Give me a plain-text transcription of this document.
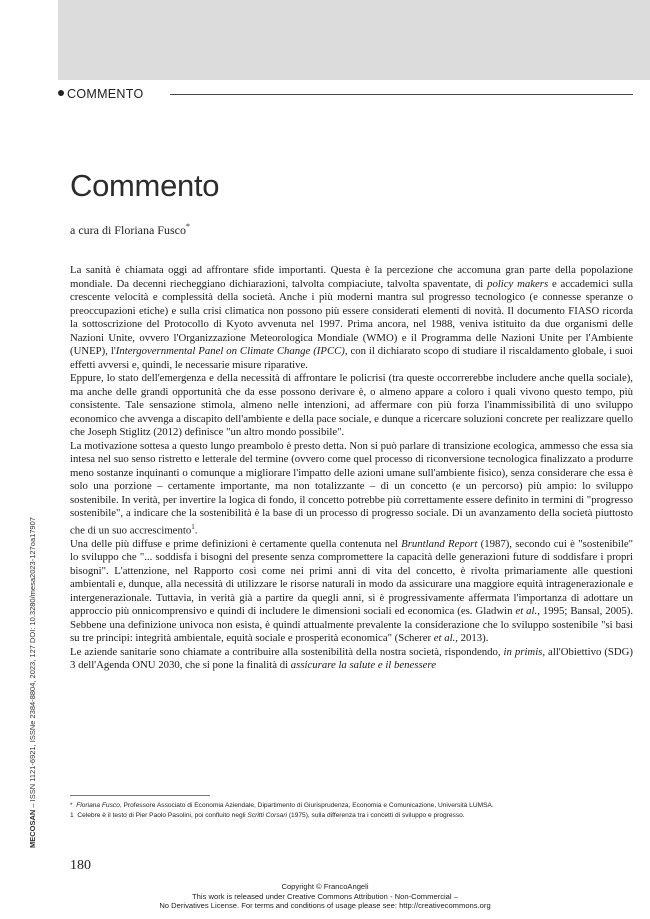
COMMENTO
Commento
a cura di Floriana Fusco*

La sanità è chiamata oggi ad affrontare sfide importanti. Questa è la percezione che accomuna gran parte della popolazione mondiale. Da decenni riecheggiano dichiarazioni, talvolta compiaciute, talvolta spaventate, di policy makers e accademici sulla crescente velocità e complessità della società. Anche i più moderni mantra sul progresso tecnologico (e connesse speranze o preoccupazioni etiche) e sulla crisi climatica non possono più essere considerati elementi di novità. Il documento FIASO ricorda la sottoscrizione del Protocollo di Kyoto avvenuta nel 1997. Prima ancora, nel 1988, veniva istituito da due organismi delle Nazioni Unite, ovvero l'Organizzazione Meteorologica Mondiale (WMO) e il Programma delle Nazioni Unite per l'Ambiente (UNEP), l'Intergovernmental Panel on Climate Change (IPCC), con il dichiarato scopo di studiare il riscaldamento globale, i suoi effetti avversi e, quindi, le necessarie misure riparative.

Eppure, lo stato dell'emergenza e della necessità di affrontare le policrisi (tra queste occorrerebbe includere anche quella sociale), ma anche delle grandi opportunità che da esse possono derivare è, o almeno appare a coloro i quali vivono questo tempo, più consistente. Tale sensazione stimola, almeno nelle intenzioni, ad affermare con più forza l'inammissibilità di uno sviluppo economico che avvenga a discapito dell'ambiente e della pace sociale, e dunque a ricercare soluzioni concrete per realizzare quello che Joseph Stiglitz (2012) definisce "un altro mondo possibile".

La motivazione sottesa a questo lungo preambolo è presto detta. Non si può parlare di transizione ecologica, ammesso che essa sia intesa nel suo senso ristretto e letterale del termine (ovvero come quel processo di riconversione tecnologica finalizzato a produrre meno sostanze inquinanti o comunque a migliorare l'impatto delle azioni umane sull'ambiente fisico), senza considerare che essa è solo una porzione – certamente importante, ma non totalizzante – di un concetto (e un percorso) più ampio: lo sviluppo sostenibile. In verità, per invertire la logica di fondo, il concetto potrebbe più correttamente essere definito in termini di "progresso sostenibile", a indicare che la sostenibilità è la base di un processo di progresso sociale. Di un avanzamento della società piuttosto che di un suo accrescimento$^1$.

Una delle più diffuse e prime definizioni è certamente quella contenuta nel Bruntland Report (1987), secondo cui è "sostenibile" lo sviluppo che "... soddisfa i bisogni del presente senza compromettere la capacità delle generazioni future di soddisfare i propri bisogni". L'attenzione, nel Rapporto così come nei primi anni di vita del concetto, è rivolta primariamente alle questioni ambientali e, dunque, alla necessità di utilizzare le risorse naturali in modo da assicurare una maggiore equità intragenerazionale e intergenerazionale. Tuttavia, in verità già a partire da quegli anni, si è progressivamente affermata l'importanza di adottare un approccio più onnicomprensivo e quindi di includere le dimensioni sociali ed economica (es. Gladwin et al., 1995; Bansal, 2005). Sebbene una definizione univoca non esista, è quindi attualmente prevalente la considerazione che lo sviluppo sostenibile "si basi su tre principi: integrità ambientale, equità sociale e prosperità economica" (Scherer et al., 2013).

Le aziende sanitarie sono chiamate a contribuire alla sostenibilità della nostra società, rispondendo, in primis, all'Obiettivo (SDG) 3 dell'Agenda ONU 2030, che si pone la finalità di assicurare la salute e il benessere

* Floriana Fusco, Professore Associato di Economia Aziendale, Dipartimento di Giurisprudenza, Economia e Comunicazione, Università LUMSA.
1 Celebre è il testo di Pier Paolo Pasolini, poi confluito negli Scritti Corsari (1975), sulla differenza tra i concetti di sviluppo e progresso.
MECOSAN – ISSN 1121-6921, ISSNe 2384-8804, 2023, 127 DOI: 10.3280/mesa2023-127oa17907
180
Copyright © FrancoAngeli
This work is released under Creative Commons Attribution - Non-Commercial –
No Derivatives License. For terms and conditions of usage please see: http://creativecommons.org
